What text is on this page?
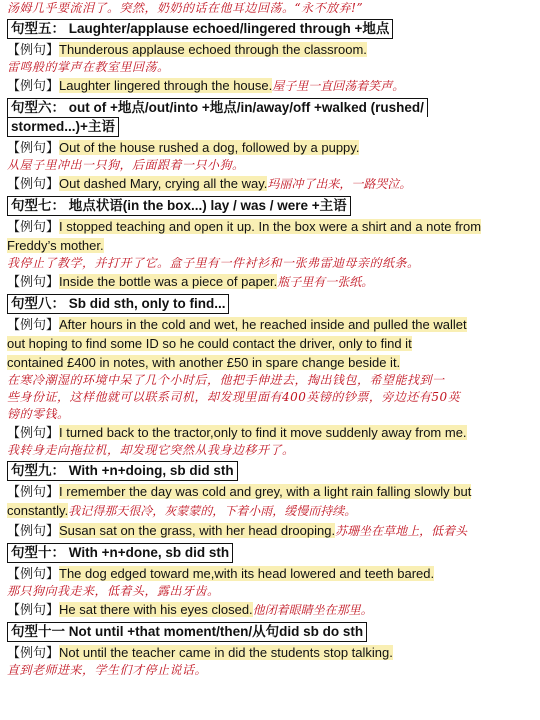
汤姆几乎要流泪了。突然，奶奶的话在他耳边回荡。“永不放弃!”
句型五： Laughter/applause echoed/lingered through +地点
【例句】Thunderous applause echoed through the classroom.
雷鸣般的掌声在教室里回荡。
【例句】Laughter lingered through the house.屋子里一直回荡着笑声。
句型六： out of +地点/out/into +地点/in/away/off +walked (rushed/
stormed...)+主语
【例句】Out of the house rushed a dog, followed by a puppy.
从屋子里冲出一只狗，后面跟着一只小狗。
【例句】Out dashed Mary, crying all the way.玛丽冲了出来，一路哭泣。
句型七： 地点状语(in the box...) lay / was / were +主语
【例句】I stopped teaching and open it up. In the box were a shirt and a note from
Freddy’s mother.
我停止了教学，并打开了它。盒子里有一件衬衫和一张弗雷迪母亲的纸条。
【例句】Inside the bottle was a piece of paper.瓶子里有一张纸。
句型八： Sb did sth, only to find...
【例句】After hours in the cold and wet, he reached inside and pulled the wallet
out hoping to find some ID so he could contact the driver, only to find it
contained £400 in notes, with another £50 in spare change beside it.
在寒冷潮湿的环境中呆了几个小时后，他把手伸进去，掏出钱包，希望能找到一
些身份证，这样他就可以联系司机，却发现里面有400英镑的钞票，旁边还有50英
镑的零钱。
【例句】I turned back to the tractor,only to find it move suddenly away from me.
我转身走向拖拉机，却发现它突然从我身边移开了。
句型九： With +n+doing, sb did sth
【例句】I remember the day was cold and grey, with a light rain falling slowly but
constantly.我记得那天很冷，灰蒙蒙的，下着小雨，缓慢而持续。
【例句】Susan sat on the grass, with her head drooping.苏珊坐在草地上，低着头
句型十： With +n+done, sb did sth
【例句】The dog edged toward me,with its head lowered and teeth bared.
那只狗向我走来，低着头，露出牙齿。
【例句】He sat there with his eyes closed.他闭着眼睛坐在那里。
句型十一 Not until +that moment/then/从句did sb do sth
【例句】Not until the teacher came in did the students stop talking.
直到老师进来，学生们才停止说话。
